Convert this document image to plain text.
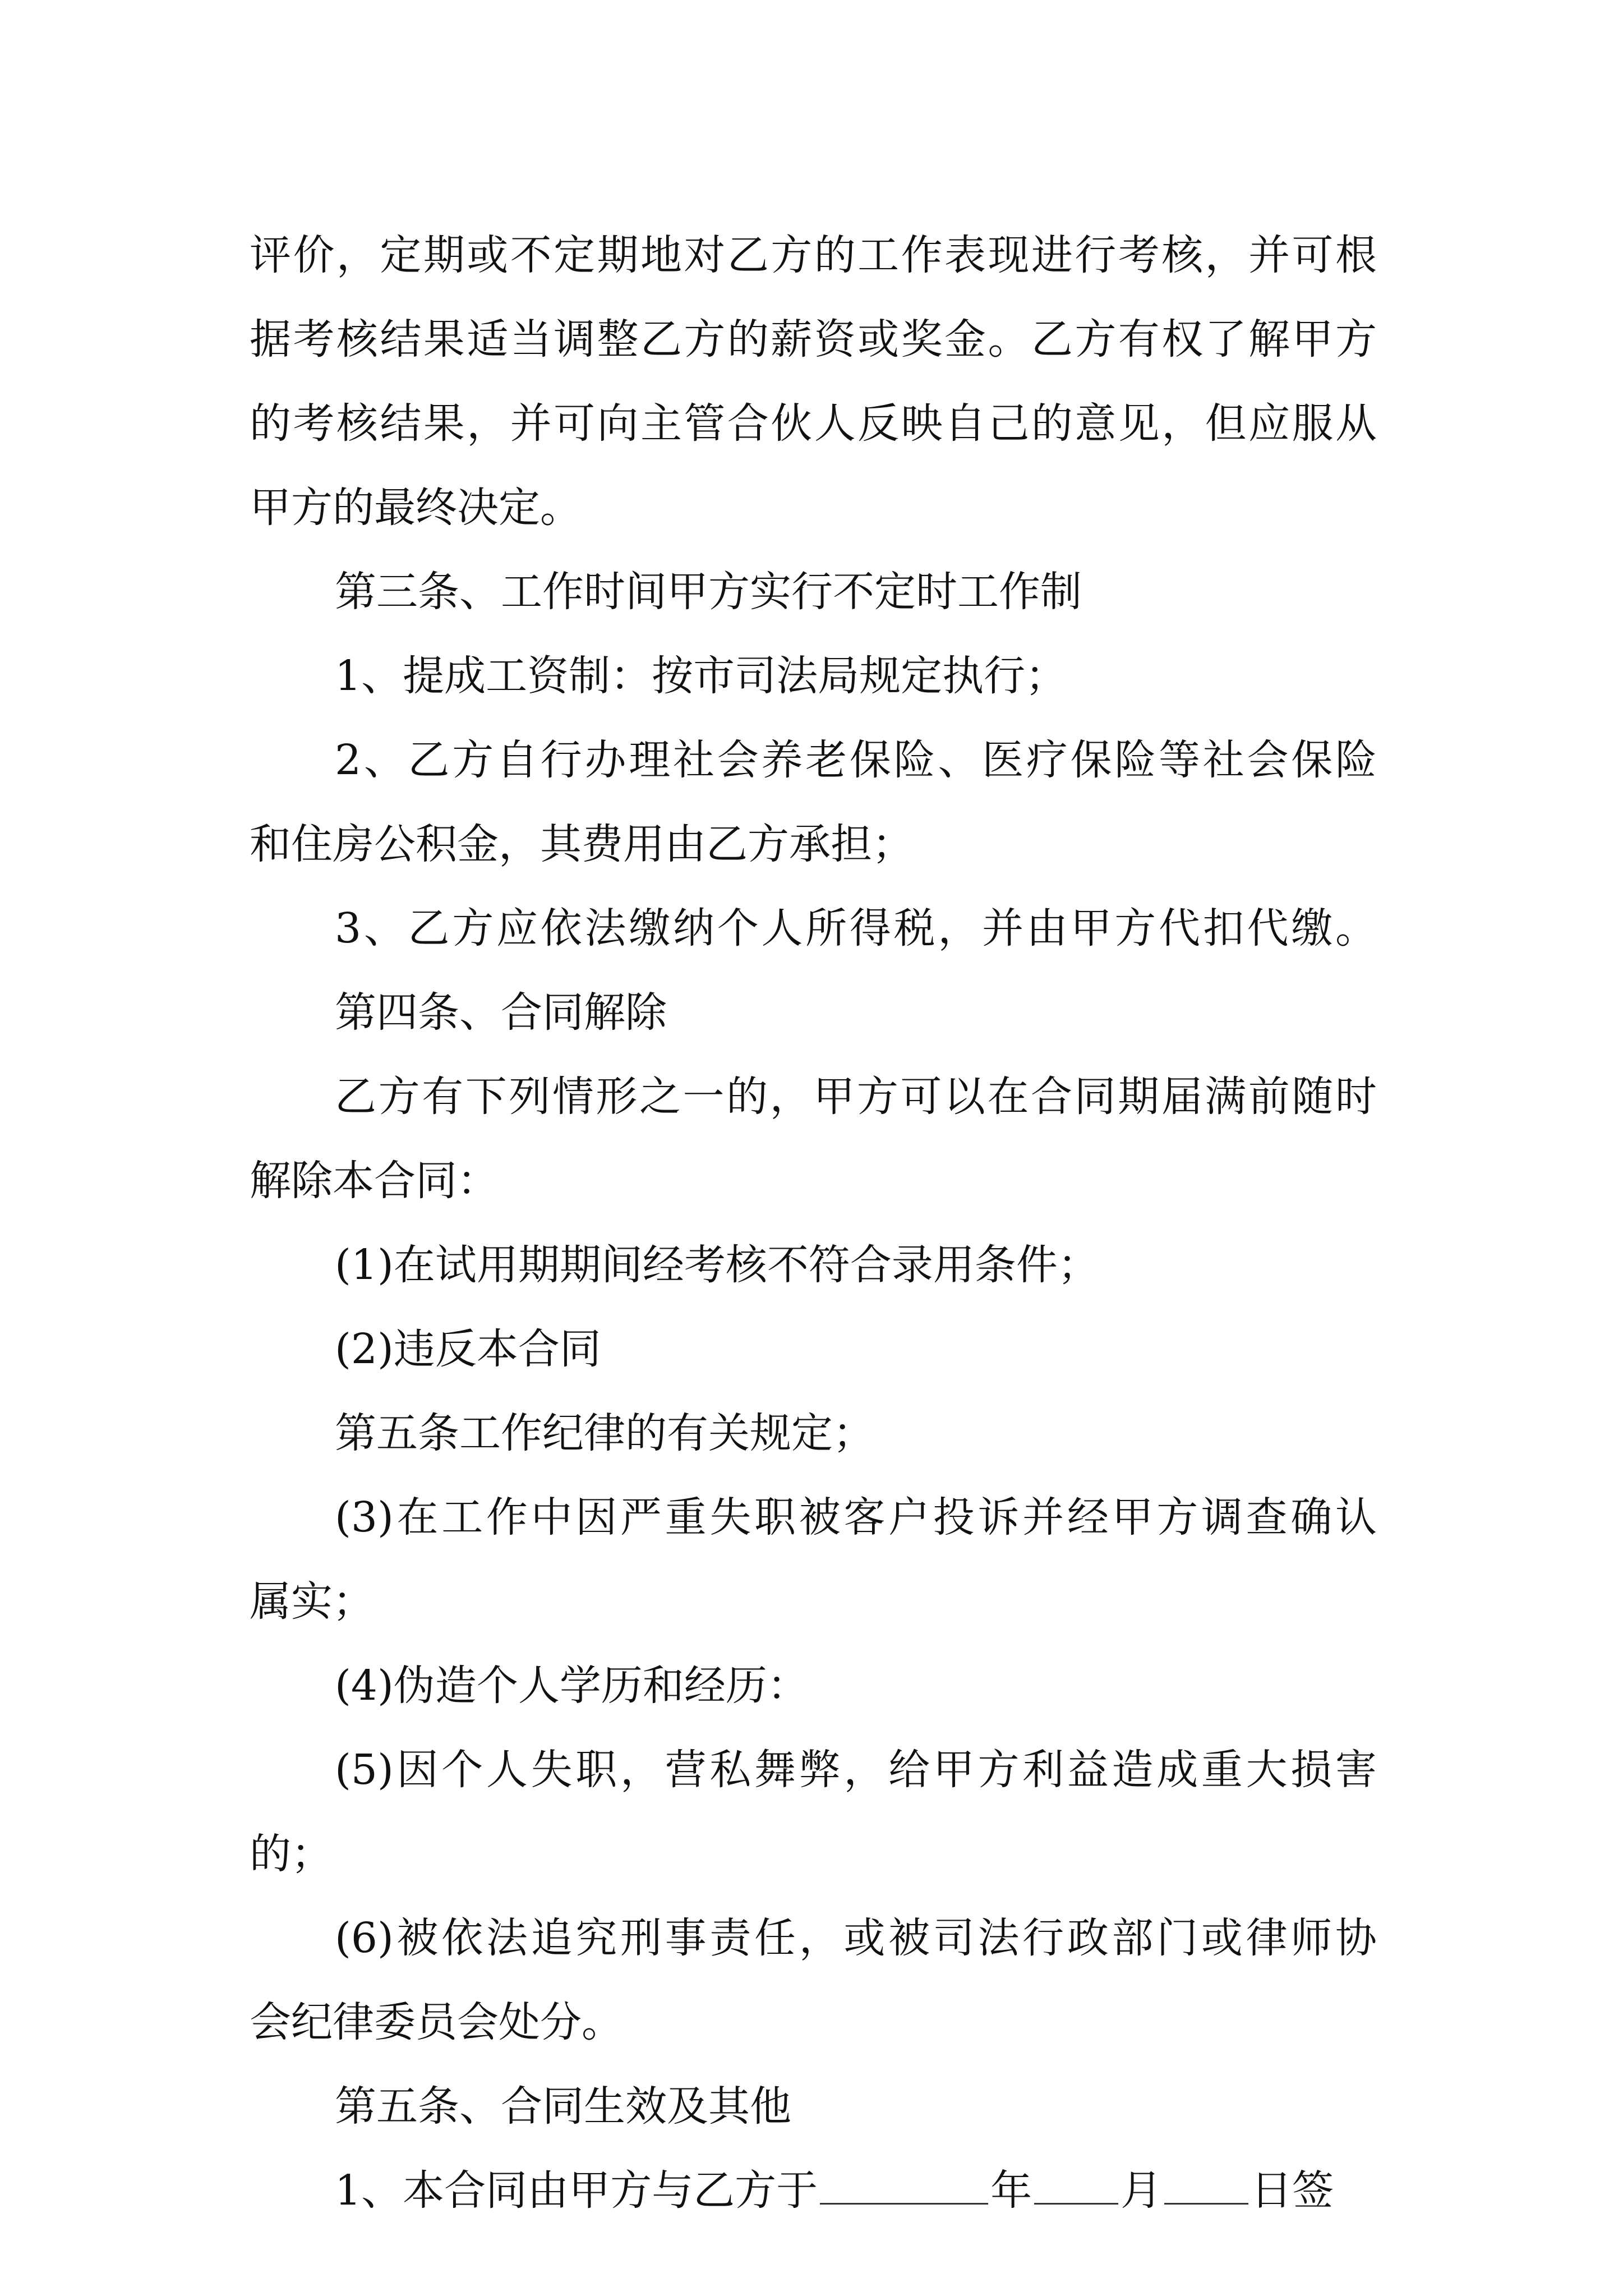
评价，定期或不定期地对乙方的工作表现进行考核，并可根
据考核结果适当调整乙方的薪资或奖金。乙方有权了解甲方
的考核结果，并可向主管合伙人反映自己的意见，但应服从
甲方的最终决定。
第三条、工作时间甲方实行不定时工作制
1、提成工资制：按市司法局规定执行；
2、乙方自行办理社会养老保险、医疗保险等社会保险
和住房公积金，其费用由乙方承担；
3、乙方应依法缴纳个人所得税，并由甲方代扣代缴。
第四条、合同解除
乙方有下列情形之一的，甲方可以在合同期届满前随时
解除本合同：
(1)在试用期期间经考核不符合录用条件；
(2)违反本合同
第五条工作纪律的有关规定；
(3)在工作中因严重失职被客户投诉并经甲方调查确认
属实；
(4)伪造个人学历和经历：
(5)因个人失职，营私舞弊，给甲方利益造成重大损害
的；
(6)被依法追究刑事责任，或被司法行政部门或律师协
会纪律委员会处分。
第五条、合同生效及其他
1、本合同由甲方与乙方于	年 月 日签
